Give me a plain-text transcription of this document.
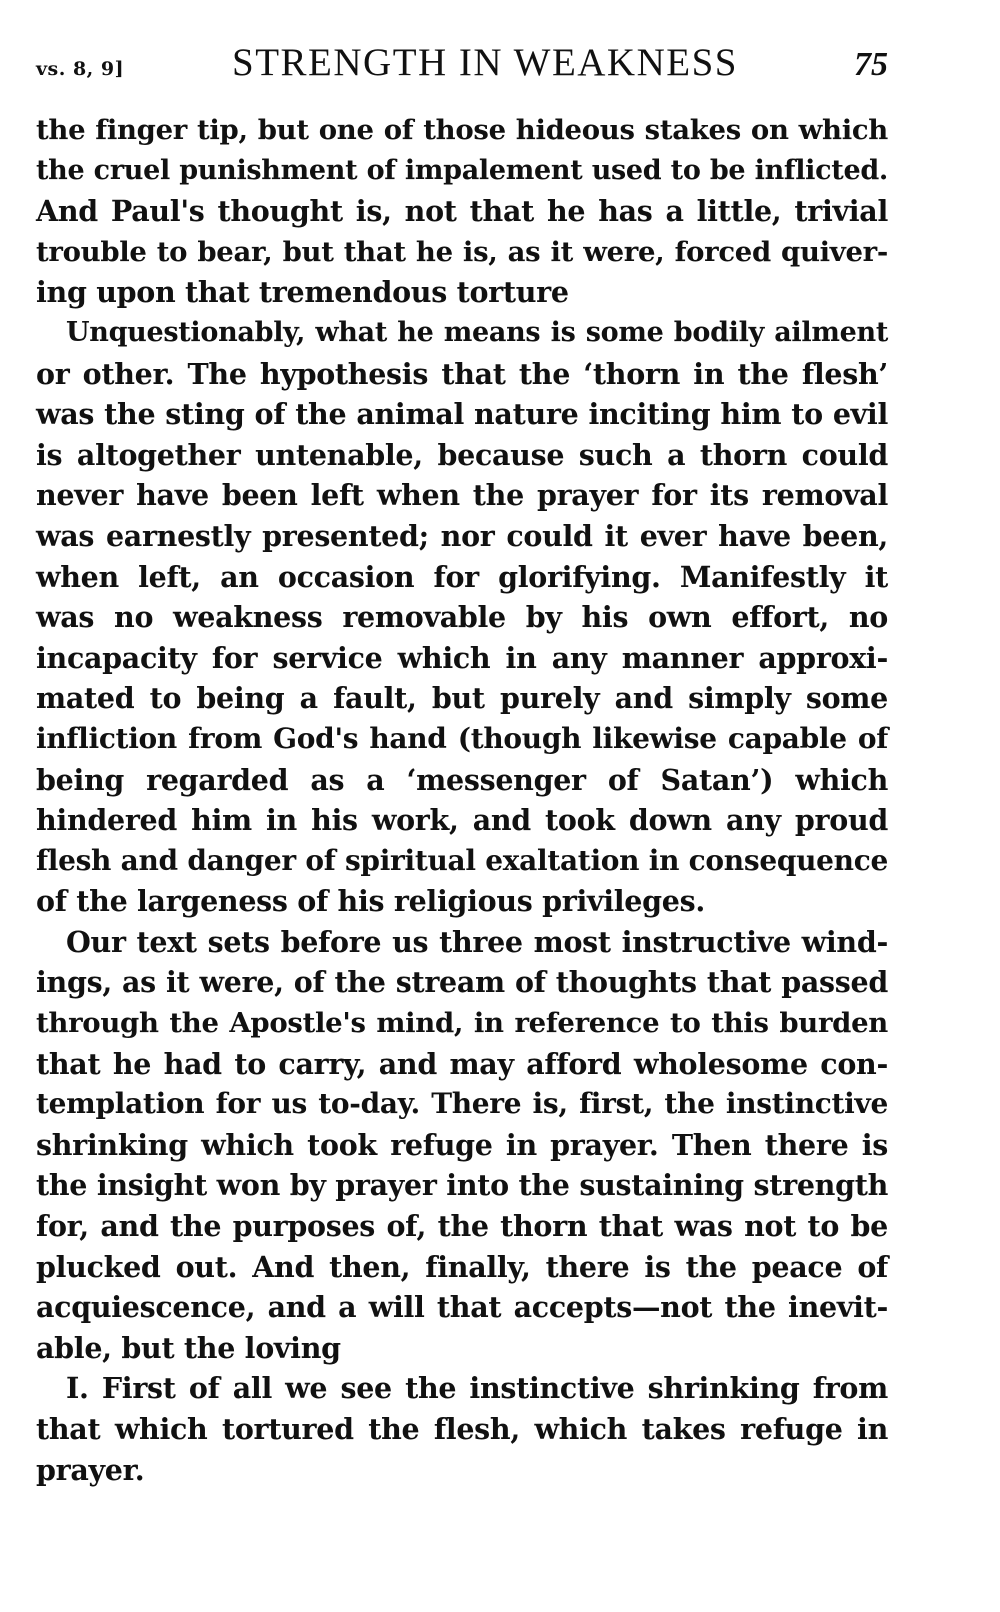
vs. 8, 9]	STRENGTH IN WEAKNESS	75
the finger tip, but one of those hideous stakes on which
the cruel punishment of impalement used to be inflicted.
And Paul's thought is, not that he has a little, trivial
trouble to bear, but that he is, as it were, forced quiver-
ing upon that tremendous torture
Unquestionably, what he means is some bodily ailment
or other. The hypothesis that the ‘thorn in the flesh’
was the sting of the animal nature inciting him to evil
is altogether untenable, because such a thorn could
never have been left when the prayer for its removal
was earnestly presented; nor could it ever have been,
when left, an occasion for glorifying. Manifestly it
was no weakness removable by his own effort, no
incapacity for service which in any manner approxi-
mated to being a fault, but purely and simply some
infliction from God's hand (though likewise capable of
being regarded as a ‘messenger of Satan’) which
hindered him in his work, and took down any proud
flesh and danger of spiritual exaltation in consequence
of the largeness of his religious privileges.
Our text sets before us three most instructive wind-
ings, as it were, of the stream of thoughts that passed
through the Apostle's mind, in reference to this burden
that he had to carry, and may afford wholesome con-
templation for us to-day. There is, first, the instinctive
shrinking which took refuge in prayer. Then there is
the insight won by prayer into the sustaining strength
for, and the purposes of, the thorn that was not to be
plucked out. And then, finally, there is the peace of
acquiescence, and a will that accepts—not the inevit-
able, but the loving
I. First of all we see the instinctive shrinking from
that which tortured the flesh, which takes refuge in
prayer.
